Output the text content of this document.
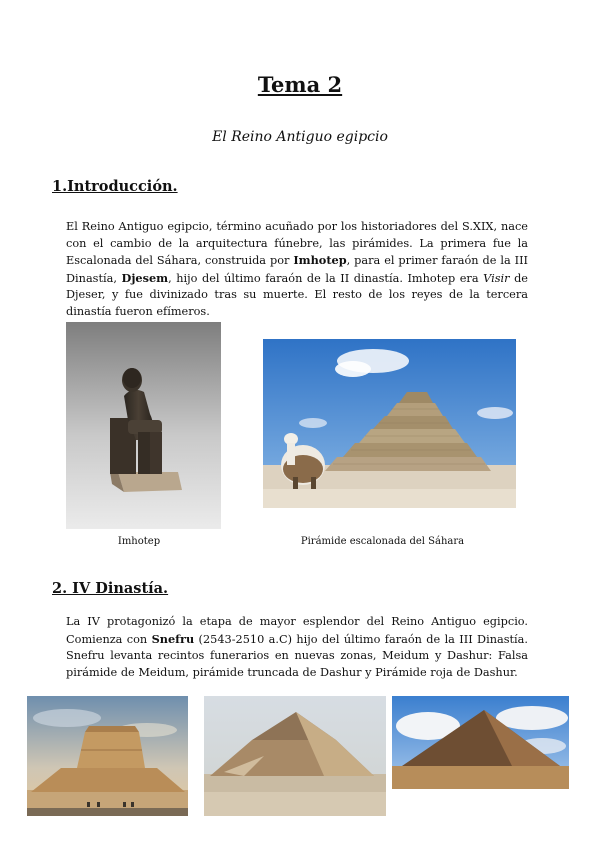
Tema 2
El Reino Antiguo egipcio
1.Introducción.
El Reino Antiguo egipcio, término acuñado por los historiadores del S.XIX, nace con el cambio de la arquitectura fúnebre, las pirámides. La primera fue la Escalonada del Sáhara, construida por Imhotep, para el primer faraón de la III Dinastía, Djesem, hijo del último faraón de la II dinastía. Imhotep era Visir de Djeser, y fue divinizado tras su muerte. El resto de los reyes de la tercera dinastía fueron efímeros.
Imhotep	Pirámide escalonada del Sáhara
2. IV Dinastía.
La IV protagonizó la etapa de mayor esplendor del Reino Antiguo egipcio. Comienza con Snefru (2543-2510 a.C) hijo del último faraón de la III Dinastía. Snefru levanta recintos funerarios en nuevas zonas, Meidum y Dashur: Falsa pirámide de Meidum, pirámide truncada de Dashur y Pirámide roja de Dashur.
